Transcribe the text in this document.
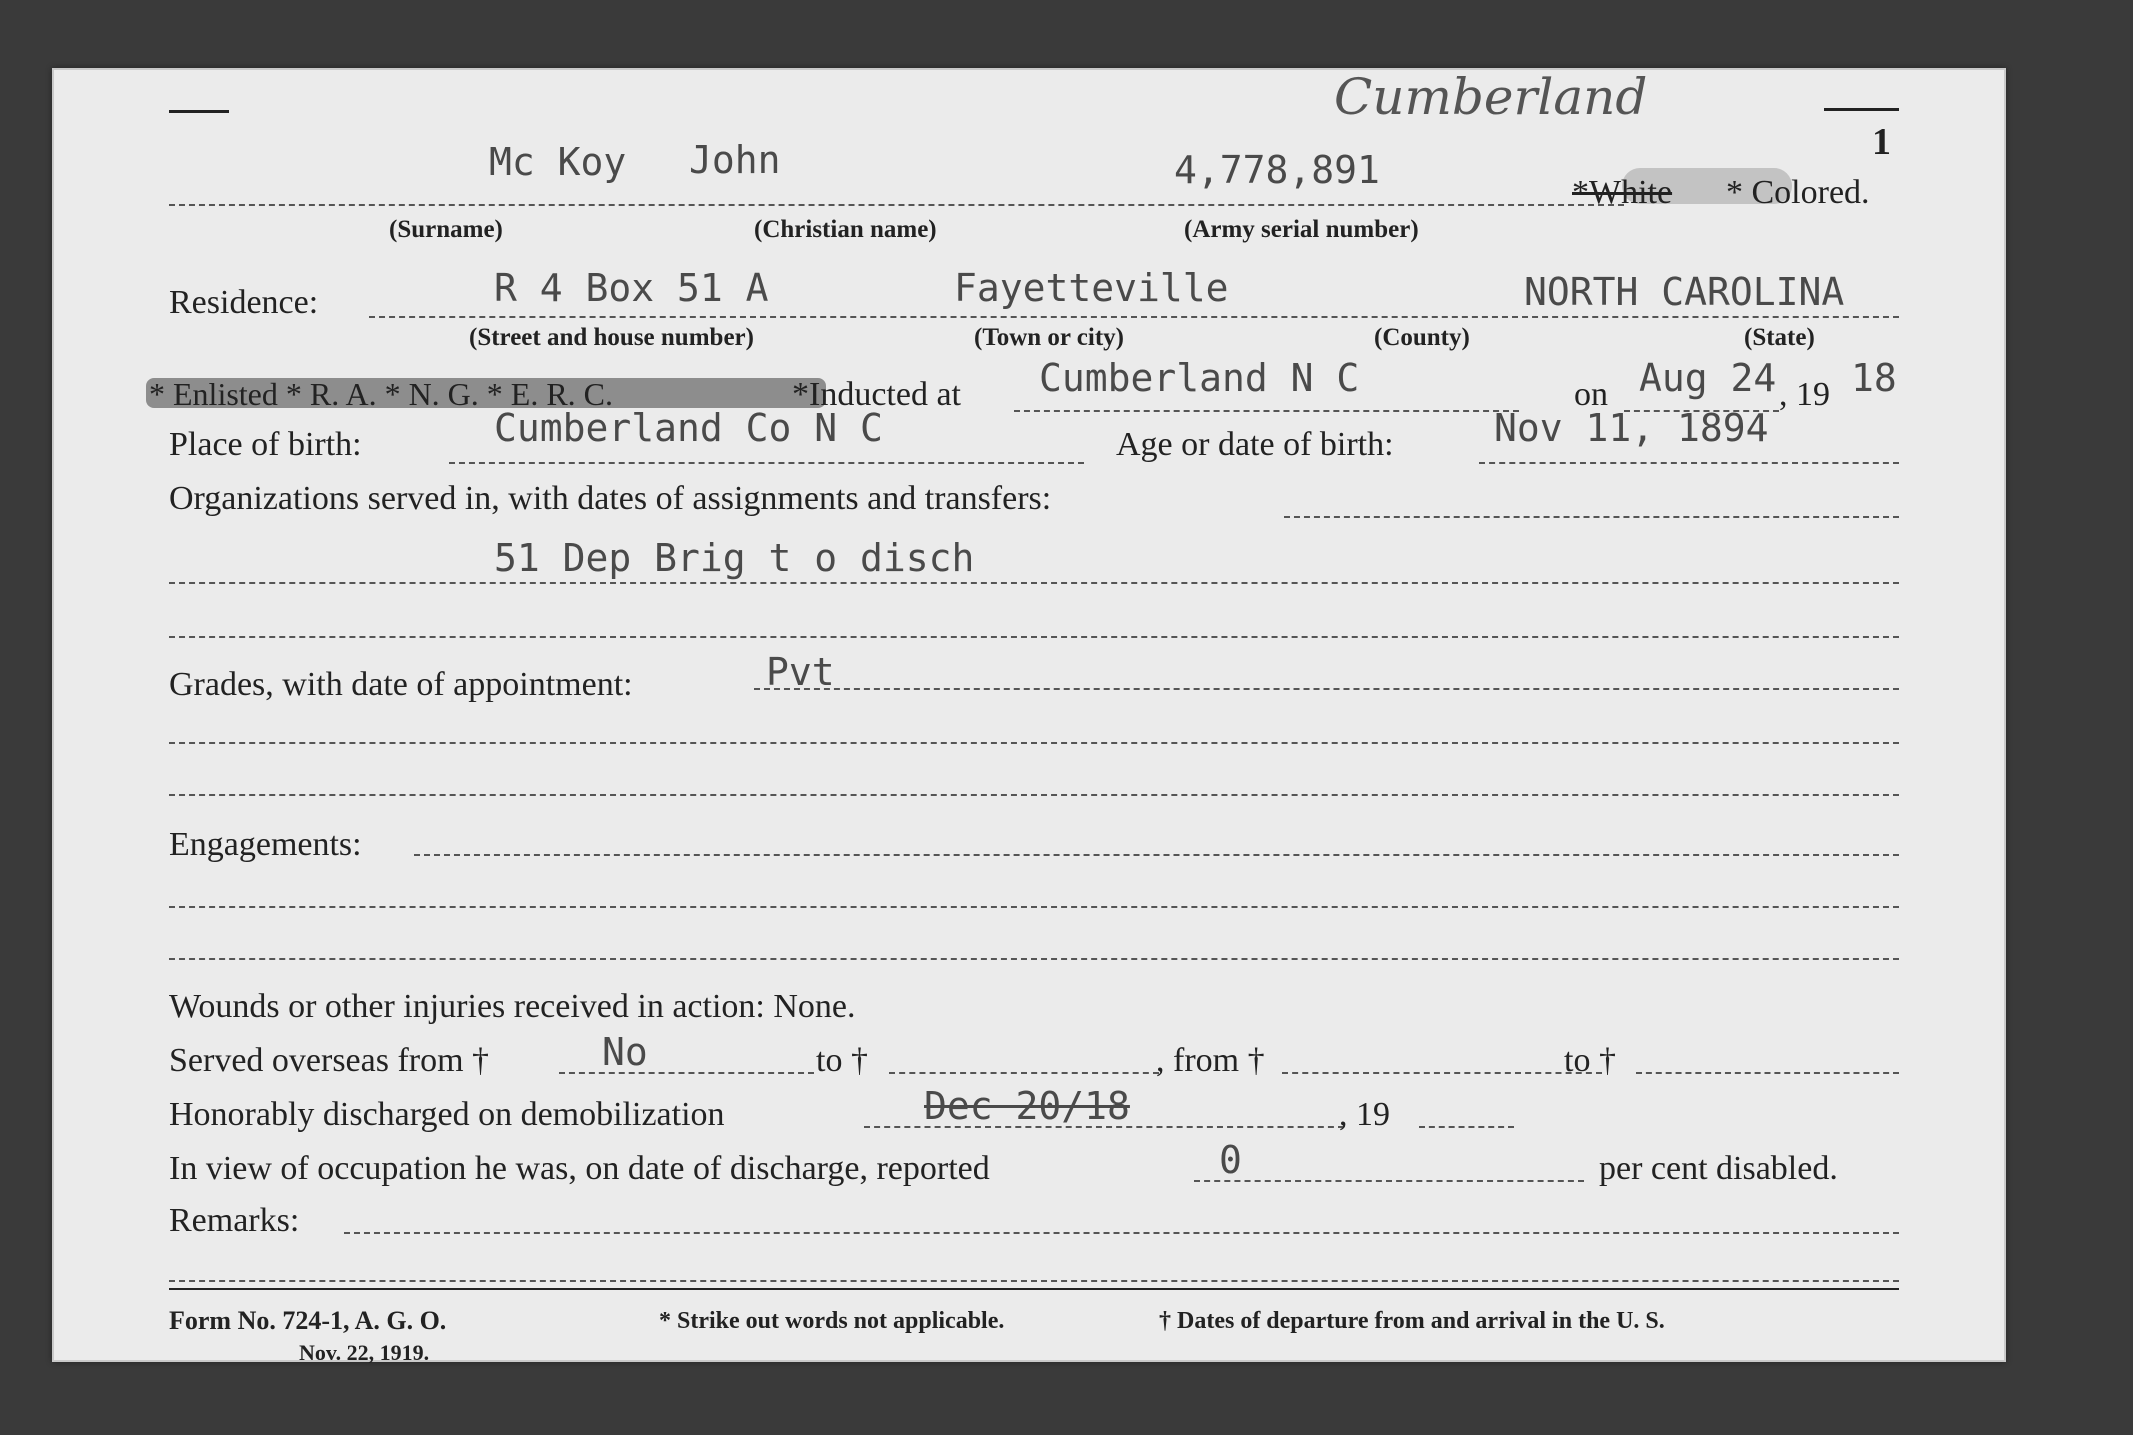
Cumberland
1
Mc Koy John	4,778,891
*White * Colored.
(Surname)	(Christian name)	(Army serial number)
Residence:	R 4 Box 51 A	Fayetteville	NORTH CAROLINA
(Street and house number)	(Town or city)	(County)	(State)
* Enlisted * R. A. * N. G. * E. R. C.	*Inducted at Cumberland N C	on Aug 24 , 19 18
Place of birth:	Cumberland Co N C	Age or date of birth:	Nov 11, 1894
Organizations served in, with dates of assignments and transfers:
51 Dep Brig t o disch
Grades, with date of appointment:	Pvt
Engagements:
Wounds or other injuries received in action: None.
Served overseas from †	No	to †	, from †	to †
Honorably discharged on demobilization	Dec 20/18	, 19
In view of occupation he was, on date of discharge, reported	0	per cent disabled.
Remarks:
Form No. 724-1, A. G. O.
Nov. 22, 1919.
* Strike out words not applicable.	† Dates of departure from and arrival in the U. S.
